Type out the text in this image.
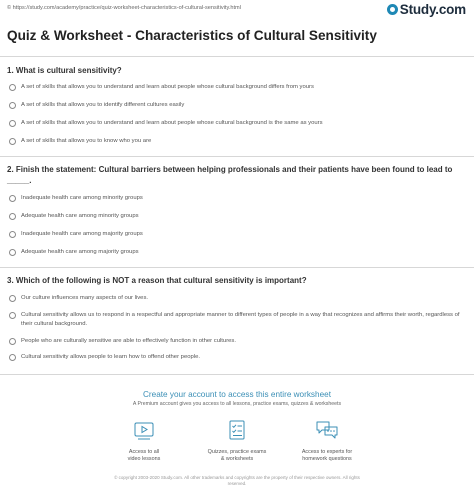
© https://study.com/academy/practice/quiz-worksheet-characteristics-of-cultural-sensitivity.html	Study.com
Quiz & Worksheet - Characteristics of Cultural Sensitivity
1. What is cultural sensitivity?
A set of skills that allows you to understand and learn about people whose cultural background differs from yours
A set of skills that allows you to identify different cultures easily
A set of skills that allows you to understand and learn about people whose cultural background is the same as yours
A set of skills that allows you to know who you are
2. Finish the statement: Cultural barriers between helping professionals and their patients have been found to lead to _____.
Inadequate health care among minority groups
Adequate health care among minority groups
Inadequate health care among majority groups
Adequate health care among majority groups
3. Which of the following is NOT a reason that cultural sensitivity is important?
Our culture influences many aspects of our lives.
Cultural sensitivity allows us to respond in a respectful and appropriate manner to different types of people in a way that recognizes and affirms their worth, regardless of their cultural background.
People who are culturally sensitive are able to effectively function in other cultures.
Cultural sensitivity allows people to learn how to offend other people.
Create your account to access this entire worksheet
A Premium account gives you access to all lessons, practice exams, quizzes & worksheets
Access to all
video lessons
Quizzes, practice exams
& worksheets
Access to experts for
homework questions
© copyright 2003-2020 Study.com. All other trademarks and copyrights are the property of their respective owners. All rights
reserved.
